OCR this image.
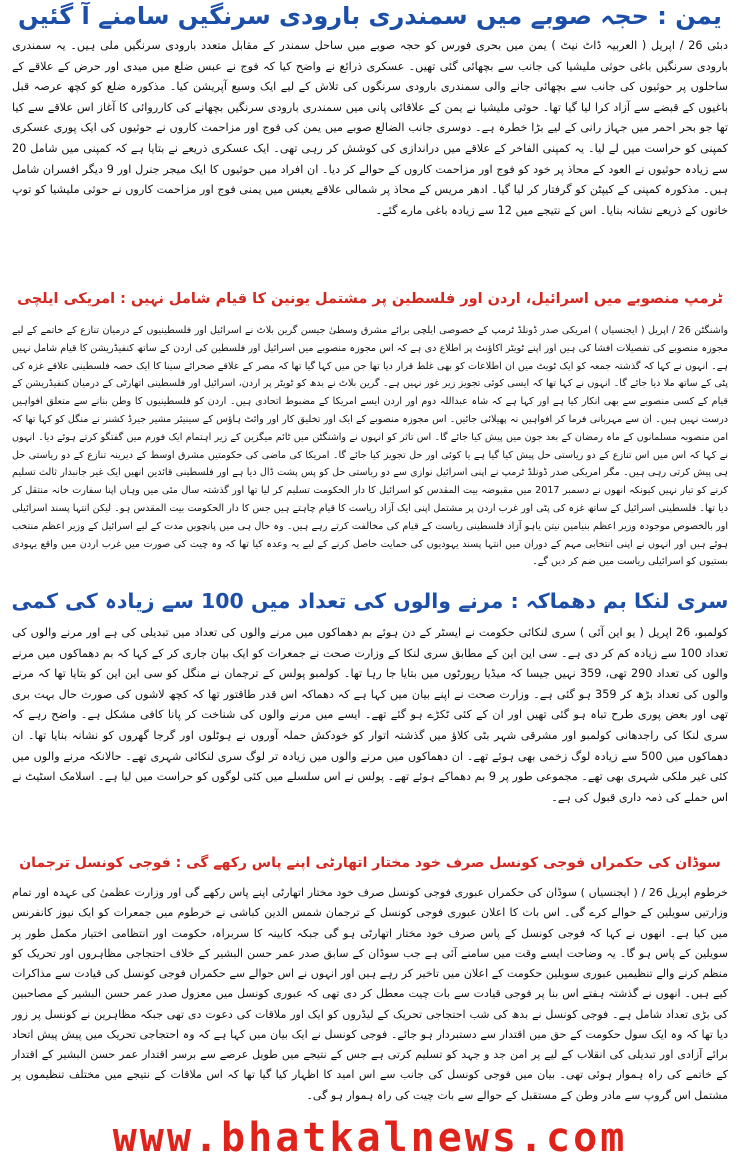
یمن : حجہ صوبے میں سمندری بارودی سرنگیں سامنے آ گئیں

دبئی 26 / اپریل ( العربیہ ڈاٹ نیٹ ) یمن میں بحری فورس کو حجہ صوبے میں ساحل سمندر کے مقابل متعدد بارودی سرنگیں ملی ہیں۔ یہ سمندری بارودی سرنگیں باغی حوثی ملیشیا کی جانب سے بچھائی گئی تھیں۔ عسکری ذرائع نے واضح کیا کہ فوج نے عبس ضلع میں میدی اور حرض کے علاقے کے ساحلوں پر حوثیوں کی جانب سے بچھائی جانے والی سمندری بارودی سرنگوں کی تلاش کے لیے ایک وسیع آپریشن کیا۔ مذکورہ ضلع کو کچھ عرصہ قبل باغیوں کے قبضے سے آزاد کرا لیا گیا تھا۔ حوثی ملیشیا نے یمن کے علاقائی پانی میں سمندری بارودی سرنگیں بچھانے کی کارروائی کا آغاز اس علاقے سے کیا تھا جو بحر احمر میں جہاز رانی کے لیے بڑا خطرہ ہے۔ دوسری جانب الضالع صوبے میں یمن کی فوج اور مزاحمت کاروں نے حوثیوں کی ایک پوری عسکری کمپنی کو حراست میں لے لیا۔ یہ کمپنی الفاخر کے علاقے میں دراندازی کی کوشش کر رہی تھی۔ ایک عسکری ذریعے نے بتایا ہے کہ کمپنی میں شامل 20 سے زیادہ حوثیوں نے العود کے محاذ پر خود کو فوج اور مزاحمت کاروں کے حوالے کر دیا۔ ان افراد میں حوثیوں کا ایک میجر جنرل اور 9 دیگر افسران شامل ہیں۔ مذکورہ کمپنی کے کیپٹن کو گرفتار کر لیا گیا۔ ادھر مریس کے محاذ پر شمالی علاقے یعیس میں یمنی فوج اور مزاحمت کاروں نے حوثی ملیشیا کو توپ خانوں کے ذریعے نشانہ بنایا۔ اس کے نتیجے میں 12 سے زیادہ باغی مارے گئے۔

ٹرمپ منصوبے میں اسرائیل، اردن اور فلسطین پر مشتمل یونین کا قیام شامل نہیں : امریکی ایلچی

واشنگٹن 26 / اپریل ( ایجنسیاں ) امریکی صدر ڈونلڈ ٹرمپ کے خصوصی ایلچی برائے مشرق وسطیٰ جیسن گرین بلاٹ نے اسرائیل اور فلسطینیوں کے درمیان تنازع کے خاتمے کے لیے مجوزہ منصوبے کی تفصیلات افشا کی ہیں اور اپنے ٹویٹر اکاؤنٹ پر اطلاع دی ہے کہ اس مجوزہ منصوبے میں اسرائیل اور فلسطین کی اردن کے ساتھ کنفیڈریشن کا قیام شامل نہیں ہے۔ انہوں نے کہا کہ گذشتہ جمعہ کو ایک ٹویٹ میں ان اطلاعات کو بھی غلط قرار دیا تھا جن میں کہا گیا تھا کہ مصر کے علاقے صحرائے سینا کا ایک حصہ فلسطینی علاقے غزہ کی پٹی کے ساتھ ملا دیا جائے گا۔ انہوں نے کہا تھا کہ ایسی کوئی تجویز زیر غور نہیں ہے۔ گرین بلاٹ نے بدھ کو ٹویٹر پر اردن، اسرائیل اور فلسطینی اتھارٹی کے درمیان کنفیڈریشن کے قیام کے کسی منصوبے سے بھی انکار کیا ہے اور کہا ہے کہ شاہ عبداللہ دوم اور اردن ایسے امریکا کے مضبوط اتحادی ہیں۔ اردن کو فلسطینیوں کا وطن بنانے سے متعلق افواہیں درست نہیں ہیں۔ ان سے مہربانی فرما کر افواہیں نہ پھیلائی جائیں۔ اس مجوزہ منصوبے کے ایک اور تخلیق کار اور وائٹ ہاؤس کے سینیئر مشیر جیرڈ کشنر نے منگل کو کہا تھا کہ امن منصوبہ مسلمانوں کے ماہ رمضان کے بعد جون میں پیش کیا جائے گا۔ اس تاثر کو انہوں نے واشنگٹن میں ٹائم میگزین کے زیر اہتمام ایک فورم میں گفتگو کرتے ہوئے دیا۔ انہوں نے کہا کہ اس میں اس تنازع کے دو ریاستی حل پیش کیا گیا ہے یا کوئی اور حل تجویز کیا جائے گا۔ امریکا کی ماضی کی حکومتیں مشرق اوسط کے دیرینہ تنازع کے دو ریاستی حل ہی پیش کرتی رہی ہیں۔ مگر امریکی صدر ڈونلڈ ٹرمپ نے اپنی اسرائیل نوازی سے دو ریاستی حل کو پس پشت ڈال دیا ہے اور فلسطینی قائدین انھیں ایک غیر جانبدار ثالث تسلیم کرنے کو تیار نہیں کیونکہ انھوں نے دسمبر 2017 میں مقبوضہ بیت المقدس کو اسرائیل کا دار الحکومت تسلیم کر لیا تھا اور گذشتہ سال مئی میں وہاں اپنا سفارت خانہ منتقل کر دیا تھا۔ فلسطینی اسرائیل کے ساتھ غزہ کی پٹی اور غرب اردن پر مشتمل اپنی ایک آزاد ریاست کا قیام چاہتے ہیں جس کا دار الحکومت بیت المقدس ہو۔ لیکن انتہا پسند اسرائیلی اور بالخصوص موجودہ وزیر اعظم بنیامین نیتن یاہو آزاد فلسطینی ریاست کے قیام کی مخالفت کرتے رہے ہیں۔ وہ حال ہی میں پانچویں مدت کے لیے اسرائیل کے وزیر اعظم منتخب ہوئے ہیں اور انہوں نے اپنی انتخابی مہم کے دوران میں انتہا پسند یہودیوں کی حمایت حاصل کرنے کے لیے یہ وعدہ کیا تھا کہ وہ چیت کی صورت میں غرب اردن میں واقع یہودی بستیوں کو اسرائیلی ریاست میں ضم کر دیں گے۔

سری لنکا بم دھماکہ : مرنے والوں کی تعداد میں 100 سے زیادہ کی کمی

کولمبو، 26 اپریل ( یو این آئی ) سری لنکائی حکومت نے ایسٹر کے دن ہوئے بم دھماکوں میں مرنے والوں کی تعداد میں تبدیلی کی ہے اور مرنے والوں کی تعداد 100 سے زیادہ کم کر دی ہے۔ سی این این کے مطابق سری لنکا کے وزارت صحت نے جمعرات کو ایک بیان جاری کر کے کہا کہ بم دھماکوں میں مرنے والوں کی تعداد 290 تھی، 359 نہیں جیسا کہ میڈیا رپورٹوں میں بتایا جا رہا تھا۔ کولمبو پولس کے ترجمان نے منگل کو سی این این کو بتایا تھا کہ مرنے والوں کی تعداد بڑھ کر 359 ہو گئی ہے۔ وزارت صحت نے اپنے بیان میں کہا ہے کہ دھماکہ اس قدر طاقتور تھا کہ کچھ لاشوں کی صورت حال بہت بری تھی اور بعض پوری طرح تباہ ہو گئی تھیں اور ان کے کئی ٹکڑے ہو گئے تھے۔ ایسے میں مرنے والوں کی شناخت کر پانا کافی مشکل ہے۔ واضح رہے کہ سری لنکا کی راجدھانی کولمبو اور مشرقی شہر بٹی کلاؤ میں گذشتہ اتوار کو خودکش حملہ آوروں نے ہوٹلوں اور گرجا گھروں کو نشانہ بنایا تھا۔ ان دھماکوں میں 500 سے زیادہ لوگ زخمی بھی ہوئے تھے۔ ان دھماکوں میں مرنے والوں میں زیادہ تر لوگ سری لنکائی شہری تھے۔ حالانکہ مرنے والوں میں کئی غیر ملکی شہری بھی تھے۔ مجموعی طور پر 9 بم دھماکے ہوئے تھے۔ پولس نے اس سلسلے میں کئی لوگوں کو حراست میں لیا ہے۔ اسلامک اسٹیٹ نے اس حملے کی ذمہ داری قبول کی ہے۔

سوڈان کی حکمراں فوجی کونسل صرف خود مختار اتھارٹی اپنے پاس رکھے گی : فوجی کونسل ترجمان

خرطوم اپریل 26 / ( ایجنسیاں ) سوڈان کی حکمراں عبوری فوجی کونسل صرف خود مختار اتھارٹی اپنے پاس رکھے گی اور وزارت عظمیٰ کی عہدہ اور تمام وزارتیں سویلین کے حوالے کرے گی۔ اس بات کا اعلان عبوری فوجی کونسل کے ترجمان شمس الدین کباشی نے خرطوم میں جمعرات کو ایک نیوز کانفرنس میں کیا ہے۔ انھوں نے کہا کہ فوجی کونسل کے پاس صرف خود مختار اتھارٹی ہو گی جبکہ کابینہ کا سربراہ، حکومت اور انتظامی اختیار مکمل طور پر سویلین کے پاس ہو گا۔ یہ وضاحت ایسے وقت میں سامنے آئی ہے جب سوڈان کے سابق صدر عمر حسن البشیر کے خلاف احتجاجی مظاہروں اور تحریک کو منظم کرنے والے تنظیمیں عبوری سویلین حکومت کے اعلان میں تاخیر کر رہے ہیں اور انہوں نے اس حوالے سے حکمراں فوجی کونسل کی قیادت سے مذاکرات کیے ہیں۔ انھوں نے گذشتہ ہفتے اس بنا پر فوجی قیادت سے بات چیت معطل کر دی تھی کہ عبوری کونسل میں معزول صدر عمر حسن البشیر کے مصاحبین کی بڑی تعداد شامل ہے۔ فوجی کونسل نے بدھ کی شب احتجاجی تحریک کے لیڈروں کو ایک اور ملاقات کی دعوت دی تھی جبکہ مظاہرین نے کونسل پر زور دیا تھا کہ وہ ایک سول حکومت کے حق میں اقتدار سے دستبردار ہو جائے۔ فوجی کونسل نے ایک بیان میں کہا ہے کہ وہ احتجاجی تحریک میں پیش پیش اتحاد برائے آزادی اور تبدیلی کی انقلاب کے لیے پر امن جد و جہد کو تسلیم کرتی ہے جس کے نتیجے میں طویل عرصے سے برسر اقتدار عمر حسن البشیر کے اقتدار کے خاتمے کی راہ ہموار ہوئی تھی۔ بیان میں فوجی کونسل کی جانب سے اس امید کا اظہار کیا گیا تھا کہ اس ملاقات کے نتیجے میں مختلف تنظیموں پر مشتمل اس گروپ سے مادر وطن کے مستقبل کے حوالے سے بات چیت کی راہ ہموار ہو گی۔

www.bhatkalnews.com
